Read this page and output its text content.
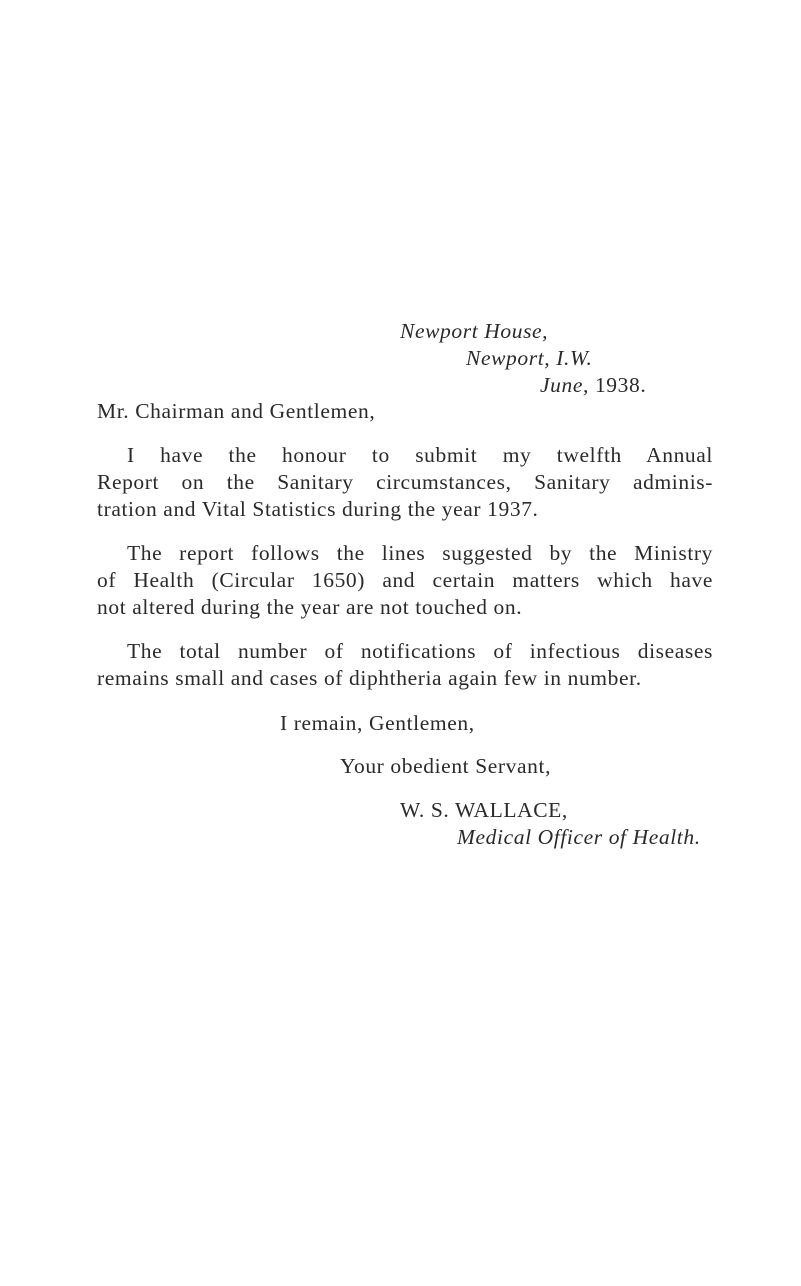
Newport House,
Newport, I.W.
June, 1938.
Mr. Chairman and Gentlemen,
I have the honour to submit my twelfth Annual
Report on the Sanitary circumstances, Sanitary adminis-
tration and Vital Statistics during the year 1937.
The report follows the lines suggested by the Ministry
of Health (Circular 1650) and certain matters which have
not altered during the year are not touched on.
The total number of notifications of infectious diseases
remains small and cases of diphtheria again few in number.
I remain, Gentlemen,
Your obedient Servant,
W. S. WALLACE,
Medical Officer of Health.
